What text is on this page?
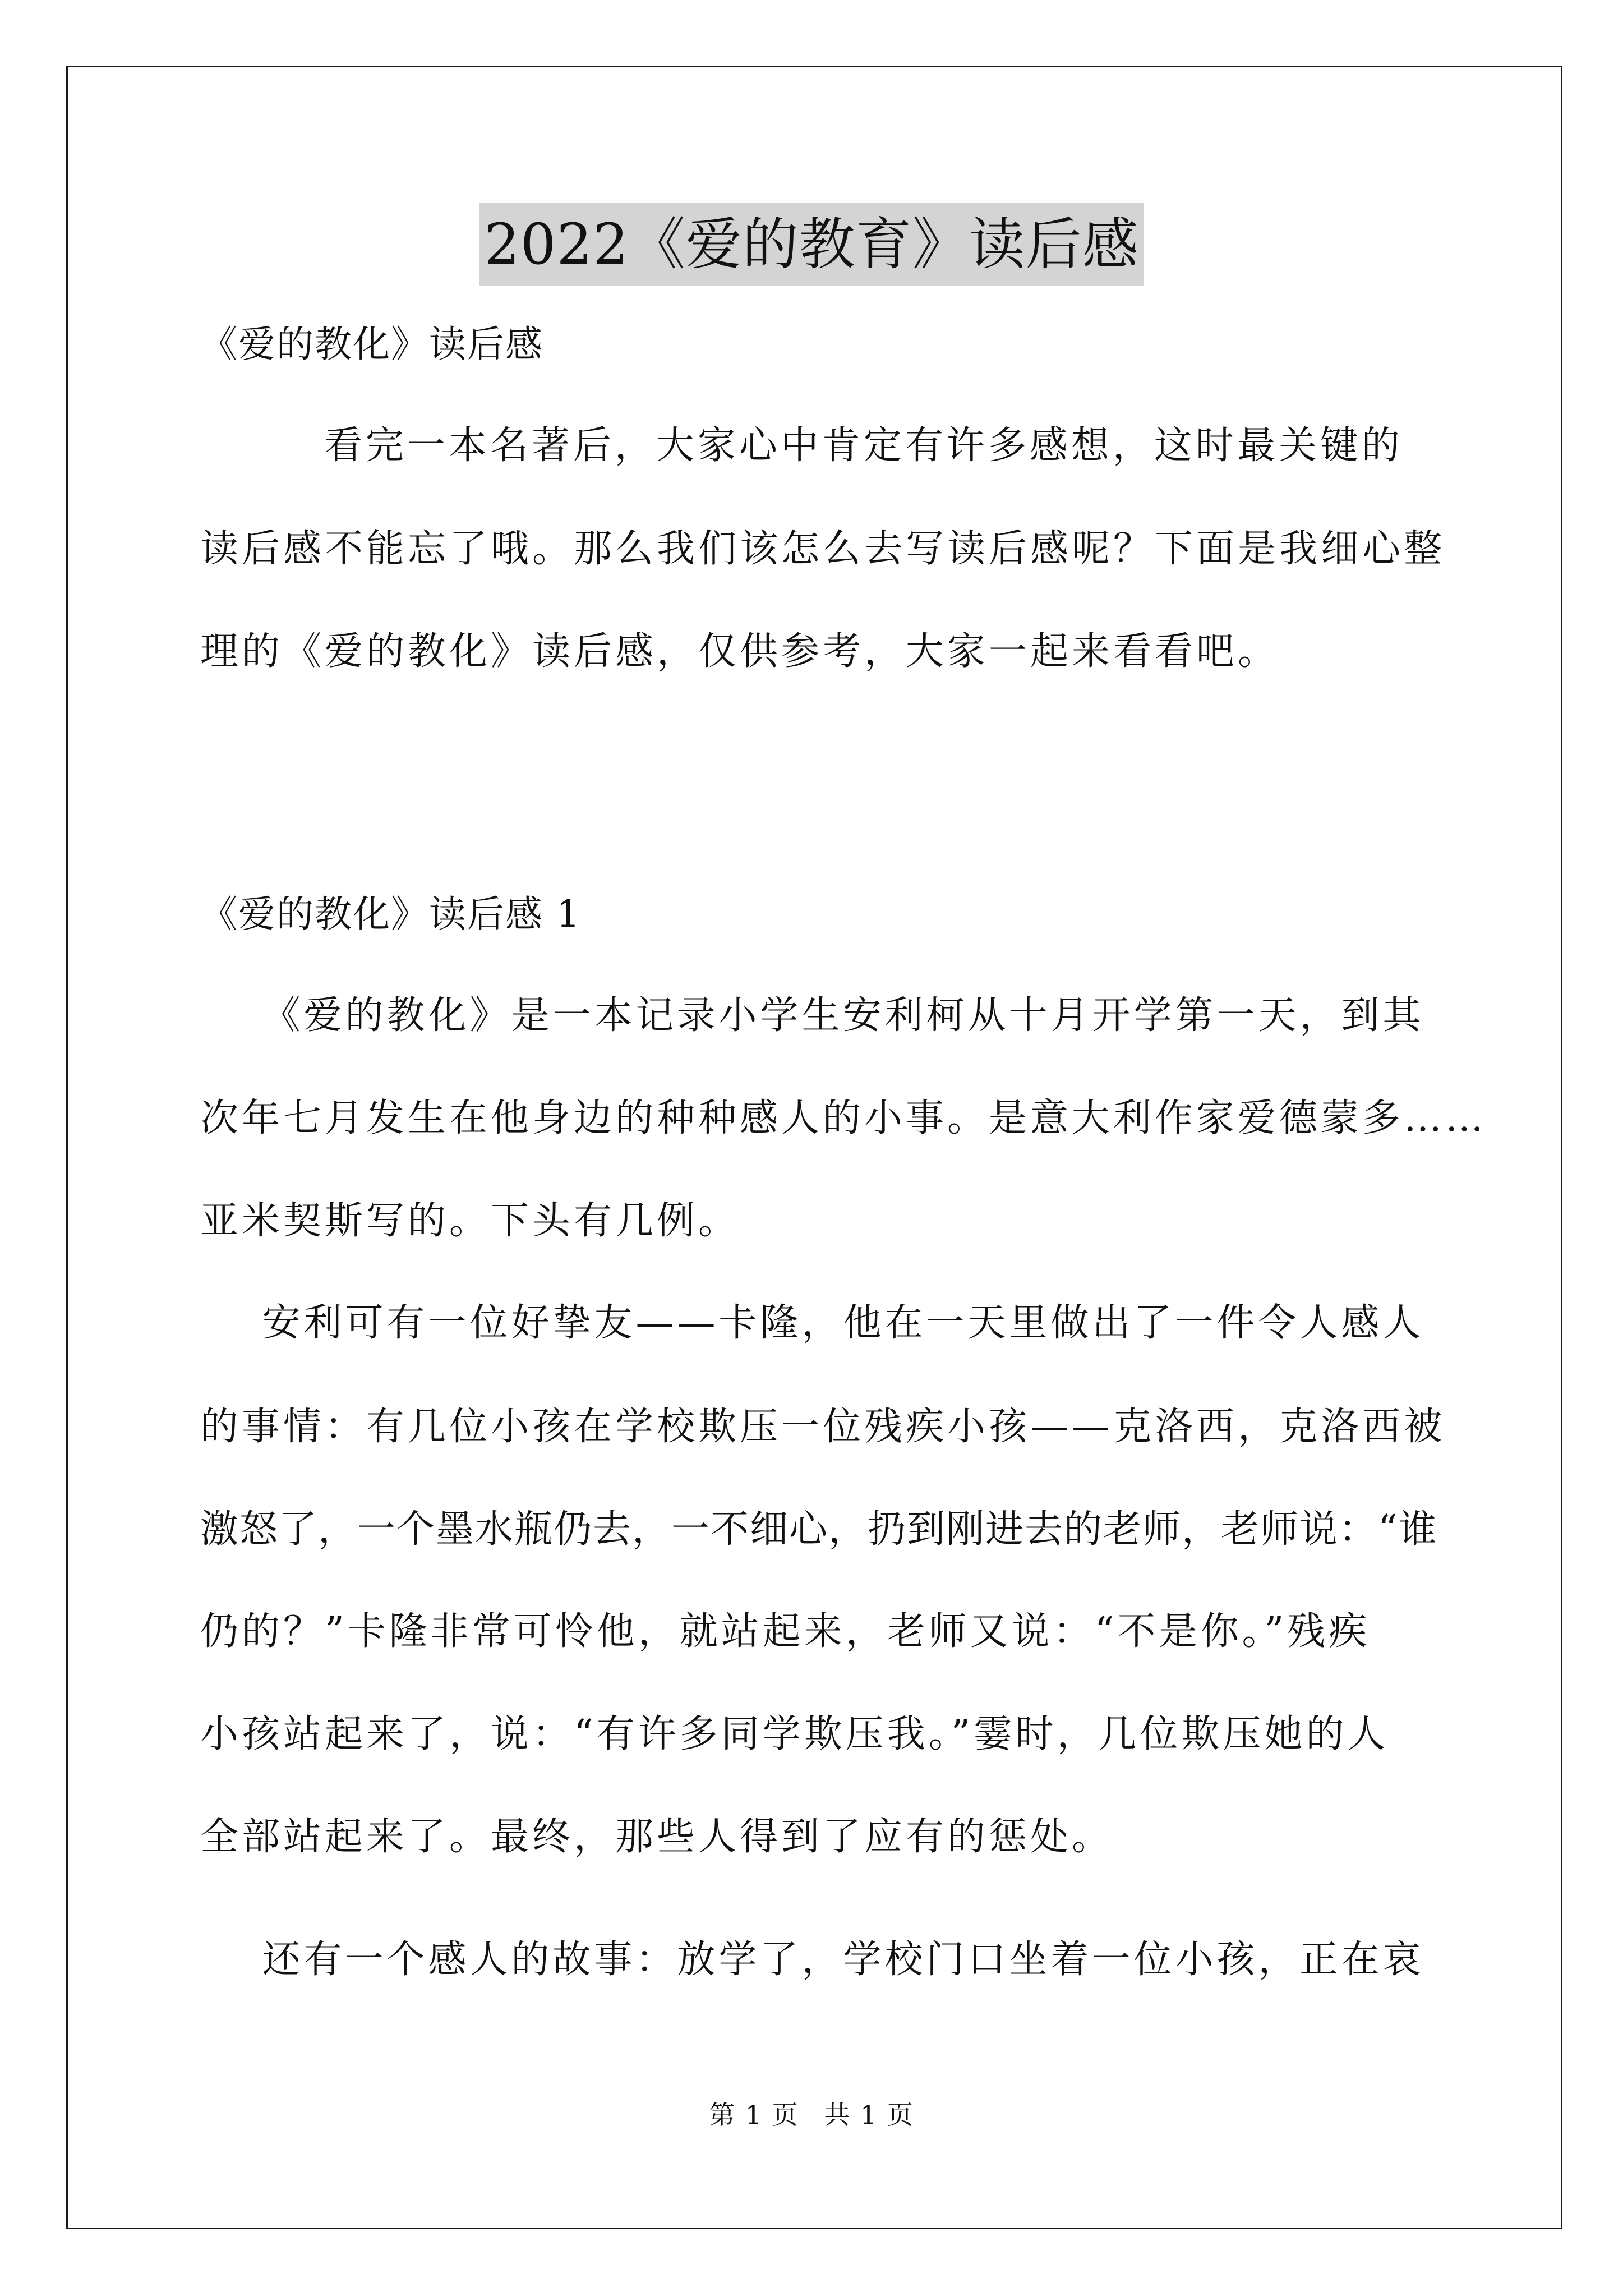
2022《爱的教育》读后感
《爱的教化》读后感
看完一本名著后，大家心中肯定有许多感想，这时最关键的
读后感不能忘了哦。那么我们该怎么去写读后感呢？下面是我细心整
理的《爱的教化》读后感，仅供参考，大家一起来看看吧。
《爱的教化》读后感 1
《爱的教化》是一本记录小学生安利柯从十月开学第一天，到其
次年七月发生在他身边的种种感人的小事。是意大利作家爱德蒙多……
亚米契斯写的。下头有几例。
安利可有一位好挚友——卡隆，他在一天里做出了一件令人感人
的事情：有几位小孩在学校欺压一位残疾小孩——克洛西，克洛西被
激怒了，一个墨水瓶仍去，一不细心，扔到刚进去的老师，老师说：“谁
仍的？”卡隆非常可怜他，就站起来，老师又说：“不是你。”残疾
小孩站起来了，说：“有许多同学欺压我。”霎时，几位欺压她的人
全部站起来了。最终，那些人得到了应有的惩处。
还有一个感人的故事：放学了，学校门口坐着一位小孩，正在哀
第 1 页 共 1 页
